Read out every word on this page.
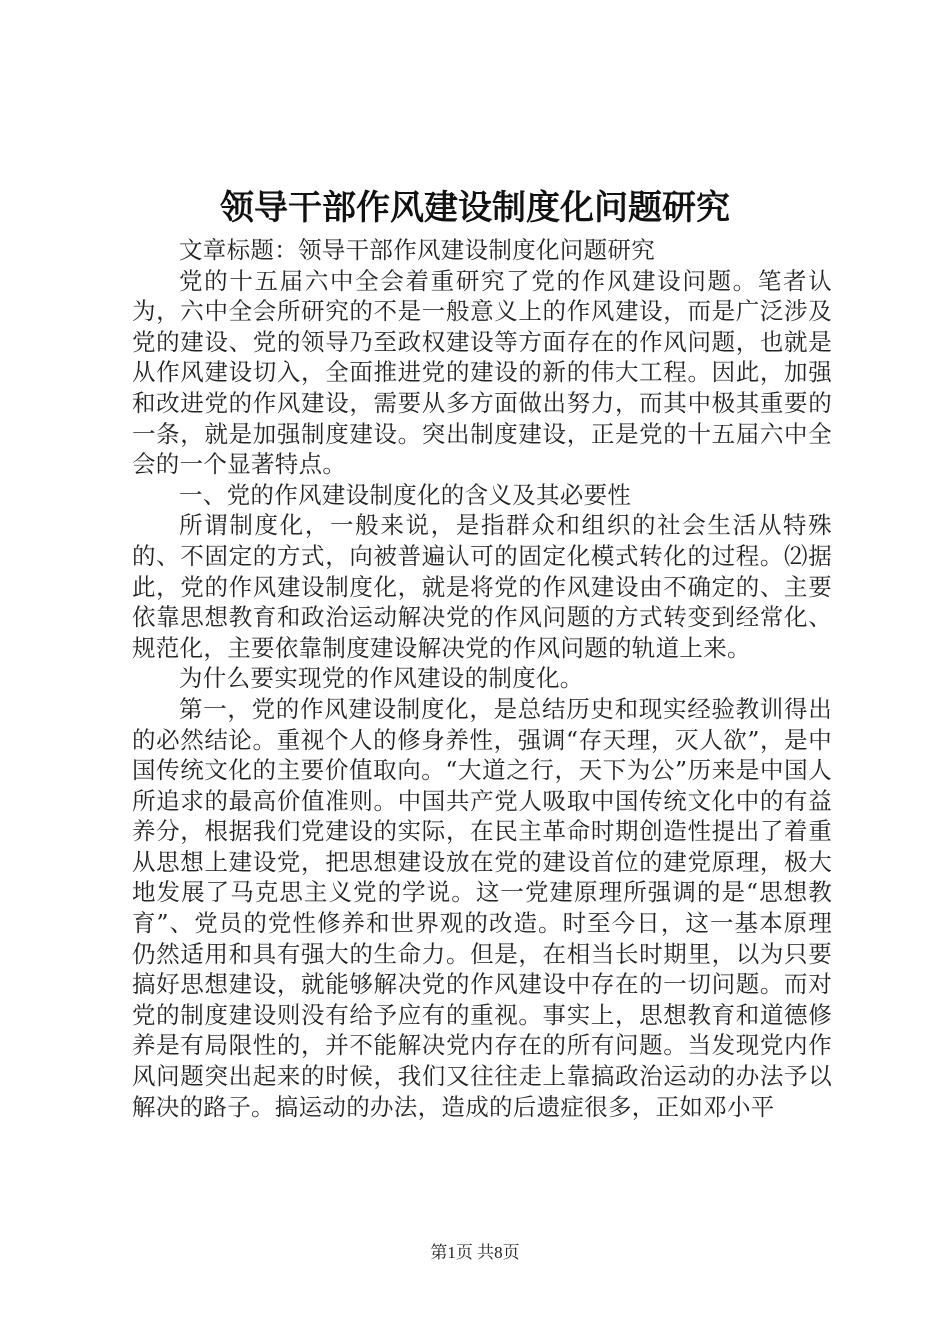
领导干部作风建设制度化问题研究

文章标题：领导干部作风建设制度化问题研究

党的十五届六中全会着重研究了党的作风建设问题。笔者认为，六中全会所研究的不是一般意义上的作风建设，而是广泛涉及党的建设、党的领导乃至政权建设等方面存在的作风问题，也就是从作风建设切入，全面推进党的建设的新的伟大工程。因此，加强和改进党的作风建设，需要从多方面做出努力，而其中极其重要的一条，就是加强制度建设。突出制度建设，正是党的十五届六中全会的一个显著特点。

一、党的作风建设制度化的含义及其必要性

所谓制度化，一般来说，是指群众和组织的社会生活从特殊的、不固定的方式，向被普遍认可的固定化模式转化的过程。⑵据此，党的作风建设制度化，就是将党的作风建设由不确定的、主要依靠思想教育和政治运动解决党的作风问题的方式转变到经常化、规范化，主要依靠制度建设解决党的作风问题的轨道上来。

为什么要实现党的作风建设的制度化。

第一，党的作风建设制度化，是总结历史和现实经验教训得出的必然结论。重视个人的修身养性，强调“存天理，灭人欲”，是中国传统文化的主要价值取向。“大道之行，天下为公”历来是中国人所追求的最高价值准则。中国共产党人吸取中国传统文化中的有益养分，根据我们党建设的实际，在民主革命时期创造性提出了着重从思想上建设党，把思想建设放在党的建设首位的建党原理，极大地发展了马克思主义党的学说。这一党建原理所强调的是“思想教育”、党员的党性修养和世界观的改造。时至今日，这一基本原理仍然适用和具有强大的生命力。但是，在相当长时期里，以为只要搞好思想建设，就能够解决党的作风建设中存在的一切问题。而对党的制度建设则没有给予应有的重视。事实上，思想教育和道德修养是有局限性的，并不能解决党内存在的所有问题。当发现党内作风问题突出起来的时候，我们又往往走上靠搞政治运动的办法予以解决的路子。搞运动的办法，造成的后遗症很多，正如邓小平

第1页 共8页
